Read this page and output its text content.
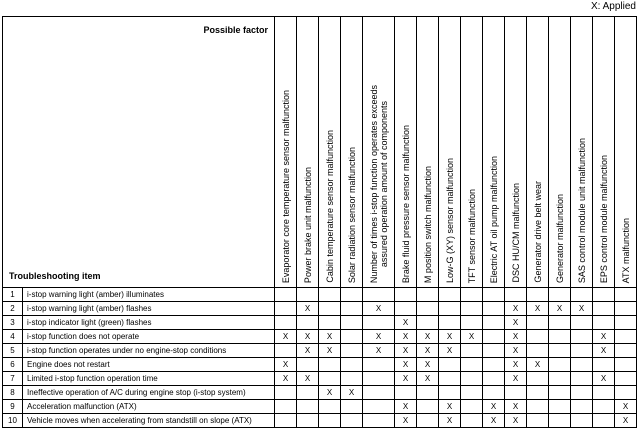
X: Applied
Possible factor
Troubleshooting item		Evaporator core temperature sensor malfunction	Power brake unit malfunction	Cabin temperature sensor malfunction	Solar radiation sensor malfunction	Number of times i-stop function operates exceeds
assured operation amount of components	Brake fluid pressure sensor malfunction	M position switch malfunction	Low-G (XY) sensor malfunction	TFT sensor malfunction	Electric AT oil pump malfunction	DSC HU/CM malfunction	Generator drive belt wear	Generator malfunction	SAS control module unit malfunction	EPS control module malfunction	ATX malfunction

1	i-stop warning light (amber) illuminates																
2	i-stop warning light (amber) flashes		X			X						X	X	X	X		
3	i-stop indicator light (green) flashes						X					X					
4	i-stop function does not operate	X	X	X		X	X	X	X	X		X				X	
5	i-stop function operates under no engine-stop conditions		X	X		X	X	X	X			X				X	
6	Engine does not restart	X					X	X				X	X				
7	Limited i-stop function operation time	X	X				X	X				X				X	
8	Ineffective operation of A/C during engine stop (i-stop system)			X	X												
9	Acceleration malfunction (ATX)						X		X		X	X					X
10	Vehicle moves when accelerating from standstill on slope (ATX)						X		X		X	X					X
